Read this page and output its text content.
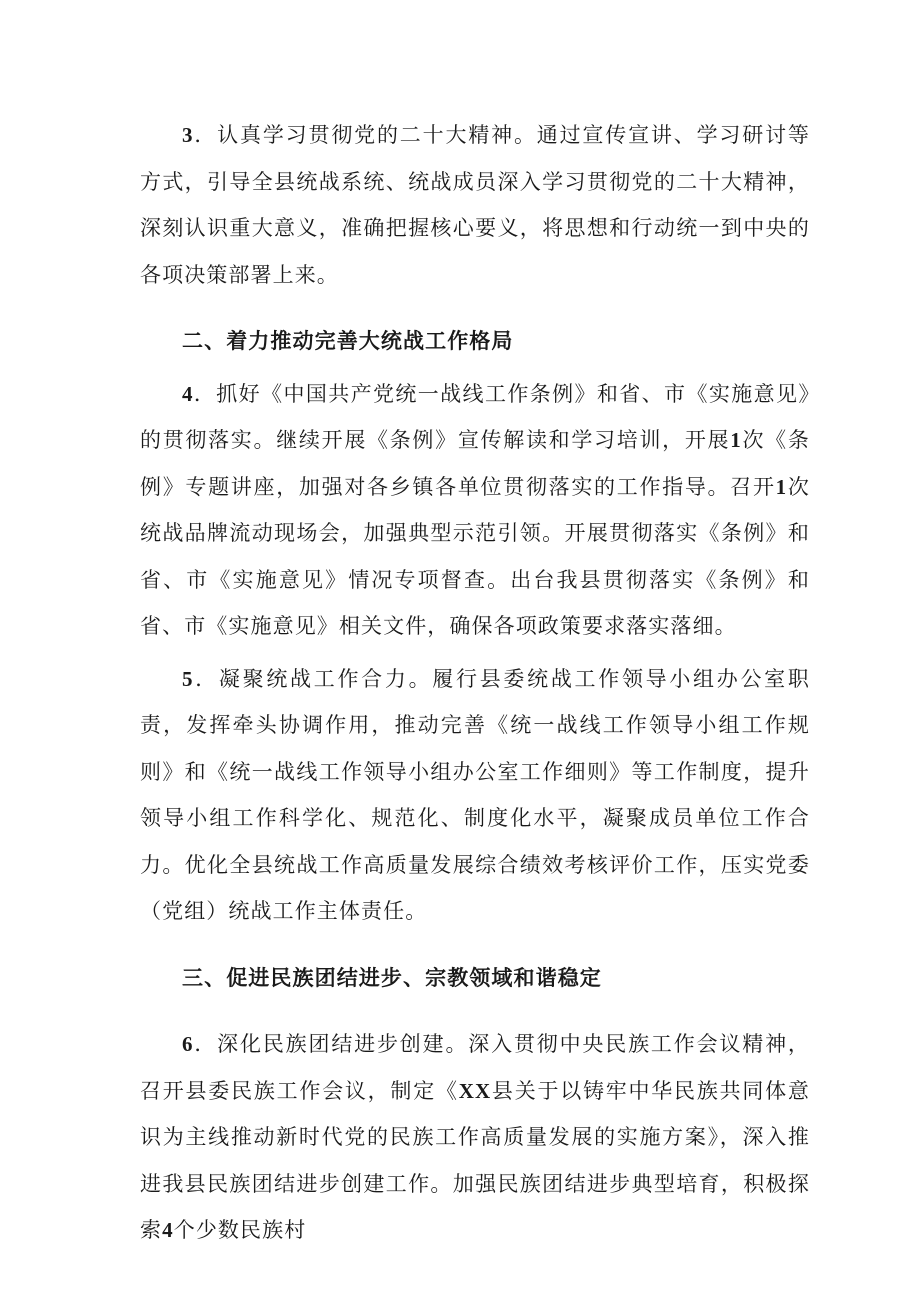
3．认真学习贯彻党的二十大精神。通过宣传宣讲、学习研讨等方式，引导全县统战系统、统战成员深入学习贯彻党的二十大精神，深刻认识重大意义，准确把握核心要义，将思想和行动统一到中央的各项决策部署上来。

二、着力推动完善大统战工作格局

4．抓好《中国共产党统一战线工作条例》和省、市《实施意见》的贯彻落实。继续开展《条例》宣传解读和学习培训，开展1次《条例》专题讲座，加强对各乡镇各单位贯彻落实的工作指导。召开1次统战品牌流动现场会，加强典型示范引领。开展贯彻落实《条例》和省、市《实施意见》情况专项督查。出台我县贯彻落实《条例》和省、市《实施意见》相关文件，确保各项政策要求落实落细。

5．凝聚统战工作合力。履行县委统战工作领导小组办公室职责，发挥牵头协调作用，推动完善《统一战线工作领导小组工作规则》和《统一战线工作领导小组办公室工作细则》等工作制度，提升领导小组工作科学化、规范化、制度化水平，凝聚成员单位工作合力。优化全县统战工作高质量发展综合绩效考核评价工作，压实党委（党组）统战工作主体责任。

三、促进民族团结进步、宗教领域和谐稳定

6．深化民族团结进步创建。深入贯彻中央民族工作会议精神，召开县委民族工作会议，制定《XX县关于以铸牢中华民族共同体意识为主线推动新时代党的民族工作高质量发展的实施方案》，深入推进我县民族团结进步创建工作。加强民族团结进步典型培育，积极探索4个少数民族村
